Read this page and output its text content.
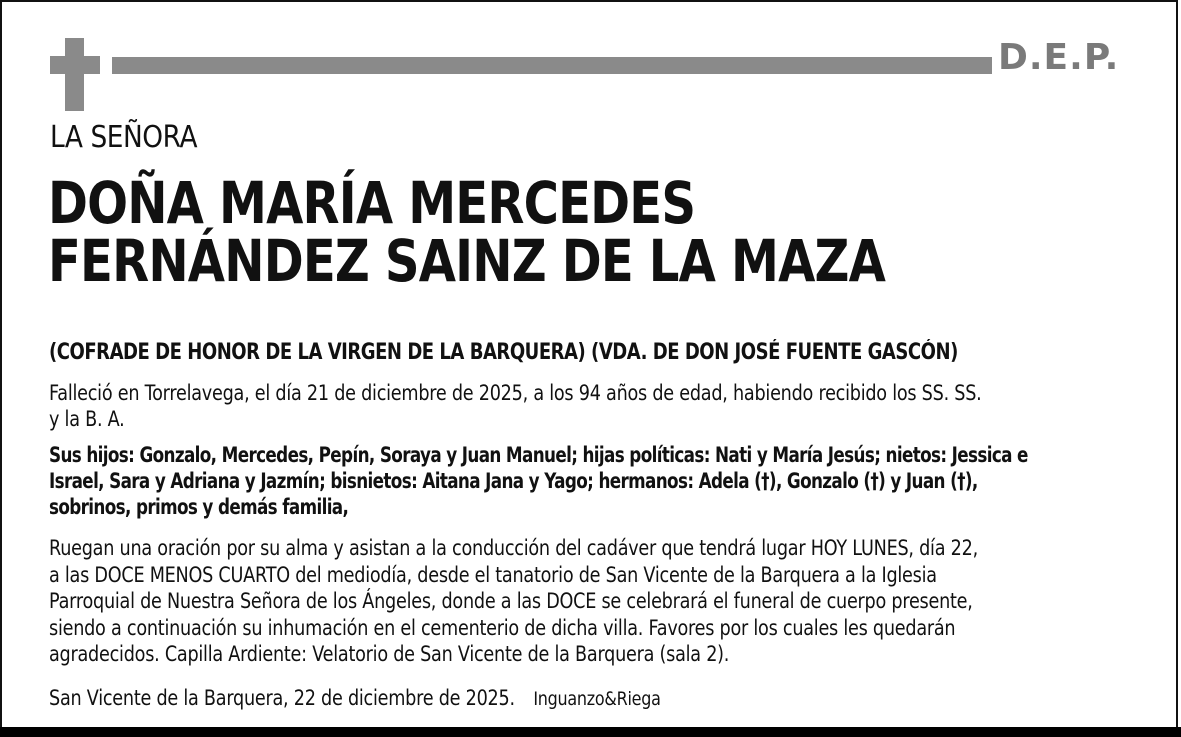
D.E.P.
LA SEÑORA
DOÑA MARÍA MERCEDES
FERNÁNDEZ SAINZ DE LA MAZA
(COFRADE DE HONOR DE LA VIRGEN DE LA BARQUERA) (VDA. DE DON JOSÉ FUENTE GASCÓN)
Falleció en Torrelavega, el día 21 de diciembre de 2025, a los 94 años de edad, habiendo recibido los SS. SS.
y la B. A.
Sus hijos: Gonzalo, Mercedes, Pepín, Soraya y Juan Manuel; hijas políticas: Nati y María Jesús; nietos: Jessica e
Israel, Sara y Adriana y Jazmín; bisnietos: Aitana Jana y Yago; hermanos: Adela (†), Gonzalo (†) y Juan (†),
sobrinos, primos y demás familia,
Ruegan una oración por su alma y asistan a la conducción del cadáver que tendrá lugar HOY LUNES, día 22,
a las DOCE MENOS CUARTO del mediodía, desde el tanatorio de San Vicente de la Barquera a la Iglesia
Parroquial de Nuestra Señora de los Ángeles, donde a las DOCE se celebrará el funeral de cuerpo presente,
siendo a continuación su inhumación en el cementerio de dicha villa. Favores por los cuales les quedarán
agradecidos. Capilla Ardiente: Velatorio de San Vicente de la Barquera (sala 2).
San Vicente de la Barquera, 22 de diciembre de 2025. Inguanzo&Riega
